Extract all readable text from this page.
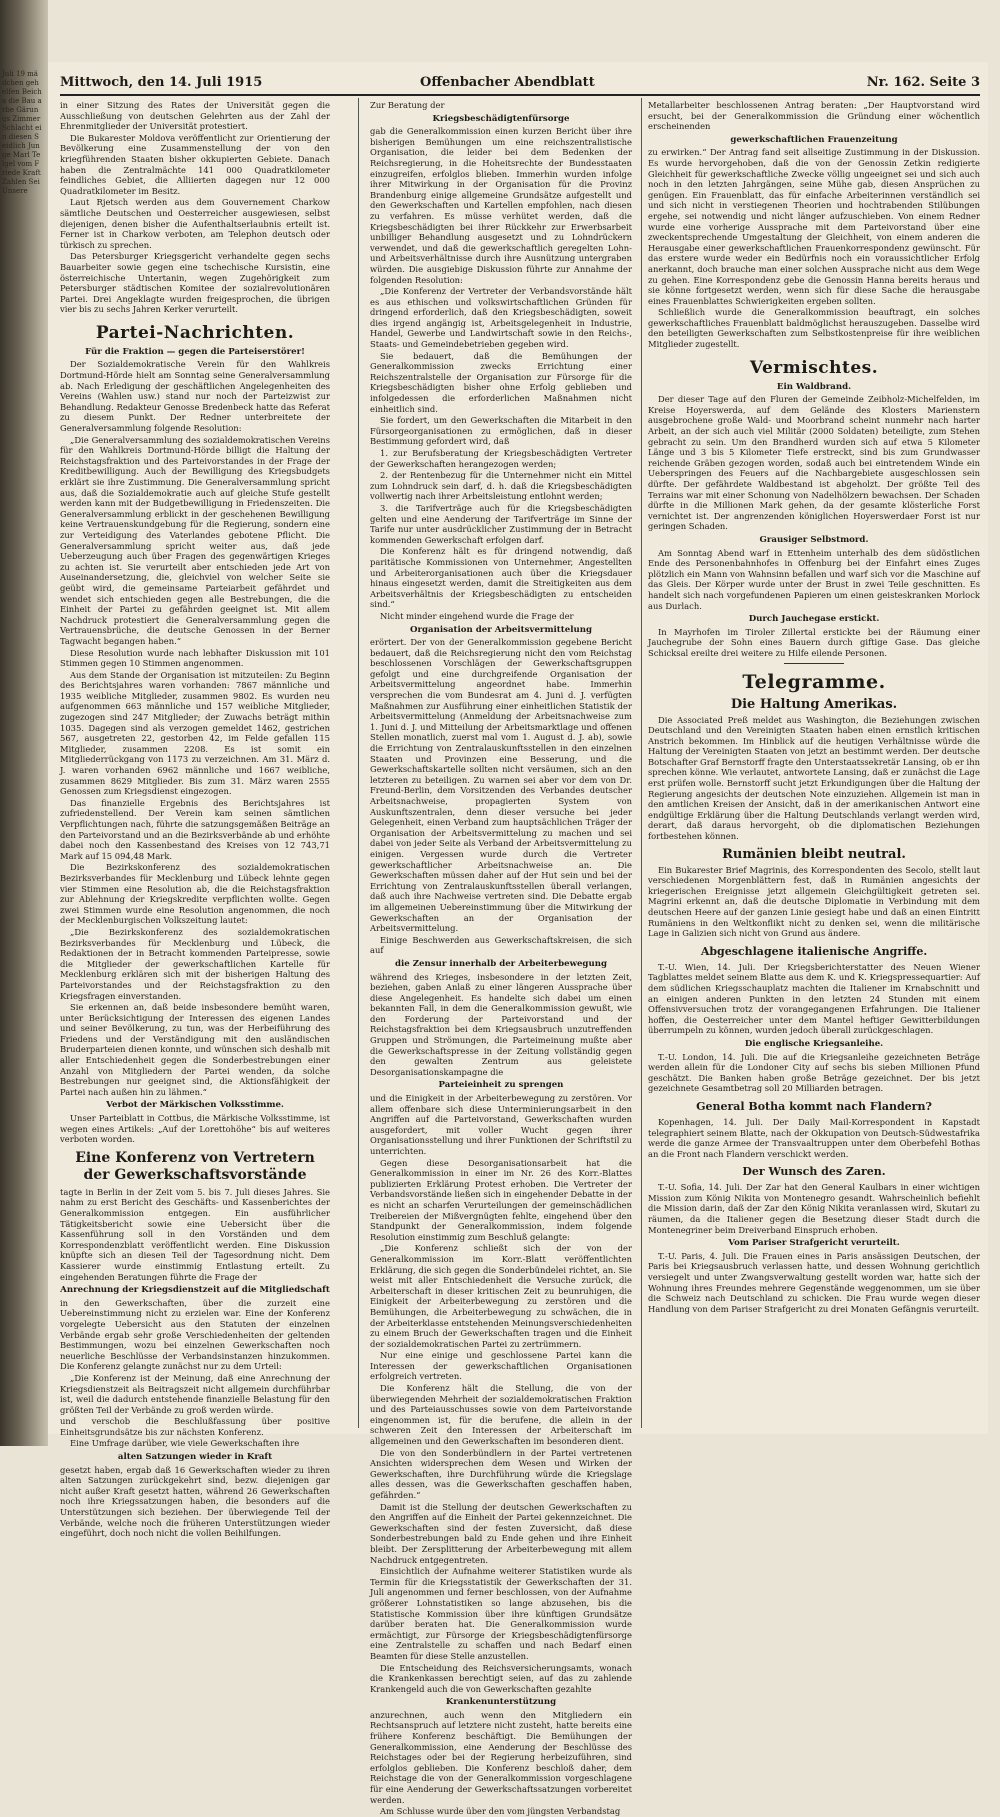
Juli 19 mädchen gehelfen Beicha die Bau arbe Gärungs Zimmer Schlacht ein diesen Seidlich Junge Marl Telgel vom Friede Kraft Zahlen Sei Unsere
Mittwoch, den 14. Juli 1915	Offenbacher Abendblatt	Nr. 162. Seite 3

in einer Sitzung des Rates der Universität gegen die Ausschließung von deutschen Gelehrten aus der Zahl der Ehrenmitglieder der Universität protestiert.

Die Bukarester Moldova veröffentlicht zur Orientierung der Bevölkerung eine Zusammenstellung der von den kriegführenden Staaten bisher okkupierten Gebiete. Danach haben die Zentralmächte 141 000 Quadratkilometer feindliches Gebiet, die Alliierten dagegen nur 12 000 Quadratkilometer im Besitz.

Laut Rjetsch werden aus dem Gouvernement Charkow sämtliche Deutschen und Oesterreicher ausgewiesen, selbst diejenigen, denen bisher die Aufenthaltserlaubnis erteilt ist. Ferner ist in Charkow verboten, am Telephon deutsch oder türkisch zu sprechen.

Das Petersburger Kriegsgericht verhandelte gegen sechs Bauarbeiter sowie gegen eine tschechische Kursistin, eine österreichische Untertanin, wegen Zugehörigkeit zum Petersburger städtischen Komitee der sozialrevolutionären Partei. Drei Angeklagte wurden freigesprochen, die übrigen vier bis zu sechs Jahren Kerker verurteilt.

Partei-Nachrichten.
Für die Fraktion — gegen die Parteiserstörer!

Der Sozialdemokratische Verein für den Wahlkreis Dortmund-Hörde hielt am Sonntag seine Generalversammlung ab. Nach Erledigung der geschäftlichen Angelegenheiten des Vereins (Wahlen usw.) stand nur noch der Parteizwist zur Behandlung. Redakteur Genosse Bredenbeck hatte das Referat zu diesem Punkt. Der Redner unterbreitete der Generalversammlung folgende Resolution:

„Die Generalversammlung des sozialdemokratischen Vereins für den Wahlkreis Dortmund-Hörde billigt die Haltung der Reichstagsfraktion und des Parteivorstandes in der Frage der Kreditbewilligung. Auch der Bewilligung des Kriegsbudgets erklärt sie ihre Zustimmung. Die Generalversammlung spricht aus, daß die Sozialdemokratie auch auf gleiche Stufe gestellt werden kann mit der Budgetbewilligung in Friedenszeiten. Die Generalversammlung erblickt in der geschehenen Bewilligung keine Vertrauenskundgebung für die Regierung, sondern eine zur Verteidigung des Vaterlandes gebotene Pflicht. Die Generalversammlung spricht weiter aus, daß jede Ueberzeugung auch über Fragen des gegenwärtigen Krieges zu achten ist. Sie verurteilt aber entschieden jede Art von Auseinandersetzung, die, gleichviel von welcher Seite sie geübt wird, die gemeinsame Parteiarbeit gefährdet und wendet sich entschieden gegen alle Bestrebungen, die die Einheit der Partei zu gefährden geeignet ist. Mit allem Nachdruck protestiert die Generalversammlung gegen die Vertrauensbrüche, die deutsche Genossen in der Berner Tagwacht begangen haben.“

Diese Resolution wurde nach lebhafter Diskussion mit 101 Stimmen gegen 10 Stimmen angenommen.

Aus dem Stande der Organisation ist mitzuteilen: Zu Beginn des Berichtsjahres waren vorhanden: 7867 männliche und 1935 weibliche Mitglieder, zusammen 9802. Es wurden neu aufgenommen 663 männliche und 157 weibliche Mitglieder, zugezogen sind 247 Mitglieder; der Zuwachs beträgt mithin 1035. Dagegen sind als verzogen gemeldet 1462, gestrichen 567, ausgetreten 22, gestorben 42, im Felde gefallen 115 Mitglieder, zusammen 2208. Es ist somit ein Mitgliederrückgang von 1173 zu verzeichnen. Am 31. März d. J. waren vorhanden 6962 männliche und 1667 weibliche, zusammen 8629 Mitglieder. Bis zum 31. März waren 2555 Genossen zum Kriegsdienst eingezogen.

Das finanzielle Ergebnis des Berichtsjahres ist zufriedenstellend. Der Verein kam seinen sämtlichen Verpflichtungen nach, führte die satzungsgemäßen Beiträge an den Parteivorstand und an die Bezirksverbände ab und erhöhte dabei noch den Kassenbestand des Kreises von 12 743,71 Mark auf 15 094,48 Mark.

Die Bezirkskonferenz des sozialdemokratischen Bezirksverbandes für Mecklenburg und Lübeck lehnte gegen vier Stimmen eine Resolution ab, die die Reichstagsfraktion zur Ablehnung der Kriegskredite verpflichten wollte. Gegen zwei Stimmen wurde eine Resolution angenommen, die noch der Mecklenburgischen Volkszeitung lautet:

„Die Bezirkskonferenz des sozialdemokratischen Bezirksverbandes für Mecklenburg und Lübeck, die Redaktionen der in Betracht kommenden Parteipresse, sowie die Mitglieder der gewerkschaftlichen Kartelle für Mecklenburg erklären sich mit der bisherigen Haltung des Parteivorstandes und der Reichstagsfraktion zu den Kriegsfragen einverstanden.

Sie erkennen an, daß beide insbesondere bemüht waren, unter Berücksichtigung der Interessen des eigenen Landes und seiner Bevölkerung, zu tun, was der Herbeiführung des Friedens und der Verständigung mit den ausländischen Bruderparteien dienen konnte, und wünschen sich deshalb mit aller Entschiedenheit gegen die Sonderbestrebungen einer Anzahl von Mitgliedern der Partei wenden, da solche Bestrebungen nur geeignet sind, die Aktionsfähigkeit der Partei nach außen hin zu lähmen.“

Verbot der Märkischen Volksstimme.

Unser Parteiblatt in Cottbus, die Märkische Volksstimme, ist wegen eines Artikels: „Auf der Lorettohöhe“ bis auf weiteres verboten worden.

Eine Konferenz von Vertretern der Gewerkschaftsvorstände

tagte in Berlin in der Zeit vom 5. bis 7. Juli dieses Jahres. Sie nahm zu erst Bericht des Geschäfts- und Kassenberichtes der Generalkommission entgegen. Ein ausführlicher Tätigkeitsbericht sowie eine Uebersicht über die Kassenführung soll in den Vorständen und dem Korrespondenzblatt veröffentlicht werden. Eine Diskussion knüpfte sich an diesen Teil der Tagesordnung nicht. Dem Kassierer wurde einstimmig Entlastung erteilt. Zu eingehenden Beratungen führte die Frage der

Anrechnung der Kriegsdienstzeit auf die Mitgliedschaft

in den Gewerkschaften, über die zurzeit eine Uebereinstimmung nicht zu erzielen war. Eine der Konferenz vorgelegte Uebersicht aus den Statuten der einzelnen Verbände ergab sehr große Verschiedenheiten der geltenden Bestimmungen, wozu bei einzelnen Gewerkschaften noch neuerliche Beschlüsse der Verbandsinstanzen hinzukommen. Die Konferenz gelangte zunächst nur zu dem Urteil:

„Die Konferenz ist der Meinung, daß eine Anrechnung der Kriegsdienstzeit als Beitragszeit nicht allgemein durchführbar ist, weil die dadurch entstehende finanzielle Belastung für den größten Teil der Verbände zu groß werden würde.

und verschob die Beschlußfassung über positive Einheitsgrundsätze bis zur nächsten Konferenz.

Eine Umfrage darüber, wie viele Gewerkschaften ihre

alten Satzungen wieder in Kraft

gesetzt haben, ergab daß 16 Gewerkschaften wieder zu ihren alten Satzungen zurückgekehrt sind, bezw. diejenigen gar nicht außer Kraft gesetzt hatten, während 26 Gewerkschaften noch ihre Kriegssatzungen haben, die besonders auf die Unterstützungen sich beziehen. Der überwiegende Teil der Verbände, welche noch die früheren Unterstützungen wieder eingeführt, doch noch nicht die vollen Beihilfungen.

Zur Beratung der

Kriegsbeschädigtenfürsorge

gab die Generalkommission einen kurzen Bericht über ihre bisherigen Bemühungen um eine reichszentralistische Organisation, die leider bei dem Bedenken der Reichsregierung, in die Hoheitsrechte der Bundesstaaten einzugreifen, erfolglos blieben. Immerhin wurden infolge ihrer Mitwirkung in der Organisation für die Provinz Brandenburg einige allgemeine Grundsätze aufgestellt und den Gewerkschaften und Kartellen empfohlen, nach diesen zu verfahren. Es müsse verhütet werden, daß die Kriegsbeschädigten bei ihrer Rückkehr zur Erwerbsarbeit unbilliger Behandlung ausgesetzt und zu Lohndrückern verwendet, und daß die gewerkschaftlich geregelten Lohn- und Arbeitsverhältnisse durch ihre Ausnützung untergraben würden. Die ausgiebige Diskussion führte zur Annahme der folgenden Resolution:

„Die Konferenz der Vertreter der Verbandsvorstände hält es aus ethischen und volkswirtschaftlichen Gründen für dringend erforderlich, daß den Kriegsbeschädigten, soweit dies irgend angängig ist, Arbeitsgelegenheit in Industrie, Handel, Gewerbe und Landwirtschaft sowie in den Reichs-, Staats- und Gemeindebetrieben gegeben wird.

Sie bedauert, daß die Bemühungen der Generalkommission zwecks Errichtung einer Reichszentralstelle der Organisation zur Fürsorge für die Kriegsbeschädigten bisher ohne Erfolg geblieben und infolgedessen die erforderlichen Maßnahmen nicht einheitlich sind.

Sie fordert, um den Gewerkschaften die Mitarbeit in den Fürsorgeorganisationen zu ermöglichen, daß in dieser Bestimmung gefordert wird, daß

1. zur Berufsberatung der Kriegsbeschädigten Vertreter der Gewerkschaften herangezogen werden;

2. der Rentenbezug für die Unternehmer nicht ein Mittel zum Lohndruck sein darf, d. h. daß die Kriegsbeschädigten vollwertig nach ihrer Arbeitsleistung entlohnt werden;

3. die Tarifverträge auch für die Kriegsbeschädigten gelten und eine Aenderung der Tarifverträge im Sinne der Tarife nur unter ausdrücklicher Zustimmung der in Betracht kommenden Gewerkschaft erfolgen darf.

Die Konferenz hält es für dringend notwendig, daß paritätische Kommissionen von Unternehmer, Angestellten und Arbeiterorganisationen auch über die Kriegsdauer hinaus eingesetzt werden, damit die Streitigkeiten aus dem Arbeitsverhältnis der Kriegsbeschädigten zu entscheiden sind.“

Nicht minder eingehend wurde die Frage der

Organisation der Arbeitsvermittelung

erörtert. Der von der Generalkommission gegebene Bericht bedauert, daß die Reichsregierung nicht den vom Reichstag beschlossenen Vorschlägen der Gewerkschaftsgruppen gefolgt und eine durchgreifende Organisation der Arbeitsvermittelung angeordnet habe. Immerhin versprechen die vom Bundesrat am 4. Juni d. J. verfügten Maßnahmen zur Ausführung einer einheitlichen Statistik der Arbeitsvermittelung (Anmeldung der Arbeitsnachweise zum 1. Juni d. J. und Mitteilung der Arbeitsmarktlage und offenen Stellen monatlich, zuerst mal vom 1. August d. J. ab), sowie die Errichtung von Zentralauskunftsstellen in den einzelnen Staaten und Provinzen eine Besserung, und die Gewerkschaftskartelle sollten nicht versäumen, sich an den letzteren zu beteiligen. Zu warnen sei aber vor dem von Dr. Freund-Berlin, dem Vorsitzenden des Verbandes deutscher Arbeitsnachweise, propagierten System von Auskunftszentralen, denn dieser versuche bei jeder Gelegenheit, einen Verband zum hauptsächlichen Träger der Organisation der Arbeitsvermittelung zu machen und sei dabei von jeder Seite als Verband der Arbeitsvermittelung zu einigen. Vergessen wurde durch die Vertreter gewerkschaftlicher Arbeitsnachweise an. Die Gewerkschaften müssen daher auf der Hut sein und bei der Errichtung von Zentralauskunftsstellen überall verlangen, daß auch ihre Nachweise vertreten sind. Die Debatte ergab im allgemeinen Uebereinstimmung über die Mitwirkung der Gewerkschaften an der Organisation der Arbeitsvermittelung.

Einige Beschwerden aus Gewerkschaftskreisen, die sich auf

die Zensur innerhalb der Arbeiterbewegung

während des Krieges, insbesondere in der letzten Zeit, beziehen, gaben Anlaß zu einer längeren Aussprache über diese Angelegenheit. Es handelte sich dabei um einen bekannten Fall, in dem die Generalkommission gewußt, wie den Forderung der Parteivorstand und der Reichstagsfraktion bei dem Kriegsausbruch unzutreffenden Gruppen und Strömungen, die Parteimeinung mußte aber die Gewerkschaftspresse in der Zeitung vollständig gegen den gewalten Zentrum aus geleistete Desorganisationskampagne die

Parteieinheit zu sprengen

und die Einigkeit in der Arbeiterbewegung zu zerstören. Vor allem offenbare sich diese Unterminierungsarbeit in den Angriffen auf die Parteivorstand, Gewerkschaften wurden ausgefordert, mit voller Wucht gegen ihrer Organisationsstellung und ihrer Funktionen der Schriftstil zu unterrichten.

Gegen diese Desorganisationsarbeit hat die Generalkommission in einer im Nr. 26 des Korr.-Blattes publizierten Erklärung Protest erhoben. Die Vertreter der Verbandsvorstände ließen sich in eingehender Debatte in der es nicht an scharfen Verurteilungen der gemeinschädlichen Treibereien der Mißvergnügten fehlte, eingehend über den Standpunkt der Generalkommission, indem folgende Resolution einstimmig zum Beschluß gelangte:

„Die Konferenz schließt sich der von der Generalkommission im Korr.-Blatt veröffentlichten Erklärung, die sich gegen die Sonderbündelei richtet, an. Sie weist mit aller Entschiedenheit die Versuche zurück, die Arbeiterschaft in dieser kritischen Zeit zu beunruhigen, die Einigkeit der Arbeiterbewegung zu zerstören und die Bemühungen, die Arbeiterbewegung zu schwächen, die in der Arbeiterklasse entstehenden Meinungsverschiedenheiten zu einem Bruch der Gewerkschaften tragen und die Einheit der sozialdemokratischen Partei zu zertrümmern.

Nur eine einige und geschlossene Partei kann die Interessen der gewerkschaftlichen Organisationen erfolgreich vertreten.

Die Konferenz hält die Stellung, die von der überwiegenden Mehrheit der sozialdemokratischen Fraktion und des Parteiausschusses sowie von dem Parteivorstande eingenommen ist, für die berufene, die allein in der schweren Zeit den Interessen der Arbeiterschaft im allgemeinen und den Gewerkschaften im besonderen dient.

Die von den Sonderbündlern in der Partei vertretenen Ansichten widersprechen dem Wesen und Wirken der Gewerkschaften, ihre Durchführung würde die Kriegslage alles dessen, was die Gewerkschaften geschaffen haben, gefährden.“

Damit ist die Stellung der deutschen Gewerkschaften zu den Angriffen auf die Einheit der Partei gekennzeichnet. Die Gewerkschaften sind der festen Zuversicht, daß diese Sonderbestrebungen bald zu Ende gehen und ihre Einheit bleibt. Der Zersplitterung der Arbeiterbewegung mit allem Nachdruck entgegentreten.

Einsichtlich der Aufnahme weiterer Statistiken wurde als Termin für die Kriegsstatistik der Gewerkschaften der 31. Juli angenommen und ferner beschlossen, von der Aufnahme größerer Lohnstatistiken so lange abzusehen, bis die Statistische Kommission über ihre künftigen Grundsätze darüber beraten hat. Die Generalkommission wurde ermächtigt, zur Fürsorge der Kriegsbeschädigtenfürsorge eine Zentralstelle zu schaffen und nach Bedarf einen Beamten für diese Stelle anzustellen.

Die Entscheidung des Reichsversicherungsamts, wonach die Krankenkassen berechtigt seien, auf das zu zahlende Krankengeld auch die von Gewerkschaften gezahlte

Krankenunterstützung

anzurechnen, auch wenn den Mitgliedern ein Rechtsanspruch auf letztere nicht zusteht, hatte bereits eine frühere Konferenz beschäftigt. Die Bemühungen der Generalkommission, eine Aenderung der Beschlüsse des Reichstages oder bei der Regierung herbeizuführen, sind erfolglos geblieben. Die Konferenz beschloß daher, dem Reichstage die von der Generalkommission vorgeschlagene für eine Aenderung der Gewerkschaftssatzungen vorbereitet werden.

Am Schlusse wurde über den vom jüngsten Verbandstag

Metallarbeiter beschlossenen Antrag beraten: „Der Hauptvorstand wird ersucht, bei der Generalkommission die Gründung einer wöchentlich erscheinenden

gewerkschaftlichen Frauenzeitung

zu erwirken.“ Der Antrag fand seit allseitige Zustimmung in der Diskussion. Es wurde hervorgehoben, daß die von der Genossin Zetkin redigierte Gleichheit für gewerkschaftliche Zwecke völlig ungeeignet sei und sich auch noch in den letzten Jahrgängen, seine Mühe gab, diesen Ansprüchen zu genügen. Ein Frauenblatt, das für einfache Arbeiterinnen verständlich sei und sich nicht in verstiegenen Theorien und hochtrabenden Stilübungen ergehe, sei notwendig und nicht länger aufzuschieben. Von einem Redner wurde eine vorherige Aussprache mit dem Parteivorstand über eine zweckentsprechende Umgestaltung der Gleichheit, von einem anderen die Herausgabe einer gewerkschaftlichen Frauenkorrespondenz gewünscht. Für das erstere wurde weder ein Bedürfnis noch ein voraussichtlicher Erfolg anerkannt, doch brauche man einer solchen Aussprache nicht aus dem Wege zu gehen. Eine Korrespondenz gebe die Genossin Hanna bereits heraus und sie könne fortgesetzt werden, wenn sich für diese Sache die herausgabe eines Frauenblattes Schwierigkeiten ergeben sollten.

Schließlich wurde die Generalkommission beauftragt, ein solches gewerkschaftliches Frauenblatt baldmöglichst herauszugeben. Dasselbe wird den beteiligten Gewerkschaften zum Selbstkostenpreise für ihre weiblichen Mitglieder zugestellt.

Vermischtes.
Ein Waldbrand.

Der dieser Tage auf den Fluren der Gemeinde Zeibholz-Michelfelden, im Kreise Hoyerswerda, auf dem Gelände des Klosters Marienstern ausgebrochene große Wald- und Moorbrand scheint nunmehr nach harter Arbeit, an der sich auch viel Militär (2000 Soldaten) beteiligte, zum Stehen gebracht zu sein. Um den Brandherd wurden sich auf etwa 5 Kilometer Länge und 3 bis 5 Kilometer Tiefe erstreckt, sind bis zum Grundwasser reichende Gräben gezogen worden, sodaß auch bei eintretendem Winde ein Ueberspringen des Feuers auf die Nachbargebiete ausgeschlossen sein dürfte. Der gefährdete Waldbestand ist abgeholzt. Der größte Teil des Terrains war mit einer Schonung von Nadelhölzern bewachsen. Der Schaden dürfte in die Millionen Mark gehen, da der gesamte klösterliche Forst vernichtet ist. Der angrenzenden königlichen Hoyerswerdaer Forst ist nur geringen Schaden.

Grausiger Selbstmord.

Am Sonntag Abend warf in Ettenheim unterhalb des dem südöstlichen Ende des Personenbahnhofes in Offenburg bei der Einfahrt eines Zuges plötzlich ein Mann von Wahnsinn befallen und warf sich vor die Maschine auf das Gleis. Der Körper wurde unter der Brust in zwei Teile geschnitten. Es handelt sich nach vorgefundenen Papieren um einen geisteskranken Morlock aus Durlach.

Durch Jauchegase erstickt.

In Mayrhofen im Tiroler Zillertal erstickte bei der Räumung einer Jauchegrube der Sohn eines Bauern durch giftige Gase. Das gleiche Schicksal ereilte drei weitere zu Hilfe eilende Personen.

Telegramme.
Die Haltung Amerikas.

Die Associated Preß meldet aus Washington, die Beziehungen zwischen Deutschland und den Vereinigten Staaten haben einen ernstlich kritischen Anstrich bekommen. Im Hinblick auf die heutigen Verhältnisse würde die Haltung der Vereinigten Staaten von jetzt an bestimmt werden. Der deutsche Botschafter Graf Bernstorff fragte den Unterstaatssekretär Lansing, ob er ihn sprechen könne. Wie verlautet, antwortete Lansing, daß er zunächst die Lage erst prüfen wolle. Bernstorff sucht jetzt Erkundigungen über die Haltung der Regierung angesichts der deutschen Note einzuziehen. Allgemein ist man in den amtlichen Kreisen der Ansicht, daß in der amerikanischen Antwort eine endgültige Erklärung über die Haltung Deutschlands verlangt werden wird, derart, daß daraus hervorgeht, ob die diplomatischen Beziehungen fortbestehen können.

Rumänien bleibt neutral.

Ein Bukarester Brief Magrinis, des Korrespondenten des Secolo, stellt laut verschiedenen Morgenblättern fest, daß in Rumänien angesichts der kriegerischen Ereignisse jetzt allgemein Gleichgültigkeit getreten sei. Magrini erkennt an, daß die deutsche Diplomatie in Verbindung mit dem deutschen Heere auf der ganzen Linie gesiegt habe und daß an einen Eintritt Rumäniens in den Weltkonflikt nicht zu denken sei, wenn die militärische Lage in Galizien sich nicht von Grund aus ändere.

Abgeschlagene italienische Angriffe.

T.-U. Wien, 14. Juli. Der Kriegsberichterstatter des Neuen Wiener Tagblattes meldet seinem Blatte aus dem K. und K. Kriegspressequartier: Auf dem südlichen Kriegsschauplatz machten die Italiener im Krnabschnitt und an einigen anderen Punkten in den letzten 24 Stunden mit einem Offensivversuchen trotz der vorangegangenen Erfahrungen. Die Italiener hoffen, die Oesterreicher unter dem Mantel heftiger Gewitterbildungen überrumpeln zu können, wurden jedoch überall zurückgeschlagen.

Die englische Kriegsanleihe.

T.-U. London, 14. Juli. Die auf die Kriegsanleihe gezeichneten Beträge werden allein für die Londoner City auf sechs bis sieben Millionen Pfund geschätzt. Die Banken haben große Beträge gezeichnet. Der bis jetzt gezeichnete Gesamtbetrag soll 20 Milliarden betragen.

General Botha kommt nach Flandern?

Kopenhagen, 14. Juli. Der Daily Mail-Korrespondent in Kapstadt telegraphiert seinem Blatte, nach der Okkupation von Deutsch-Südwestafrika werde die ganze Armee der Transvaaltruppen unter dem Oberbefehl Bothas an die Front nach Flandern verschickt werden.

Der Wunsch des Zaren.

T.-U. Sofia, 14. Juli. Der Zar hat den General Kaulbars in einer wichtigen Mission zum König Nikita von Montenegro gesandt. Wahrscheinlich befiehlt die Mission darin, daß der Zar den König Nikita veranlassen wird, Skutari zu räumen, da die Italiener gegen die Besetzung dieser Stadt durch die Montenegriner beim Dreiverband Einspruch erhoben.

Vom Pariser Strafgericht verurteilt.

T.-U. Paris, 4. Juli. Die Frauen eines in Paris ansässigen Deutschen, der Paris bei Kriegsausbruch verlassen hatte, und dessen Wohnung gerichtlich versiegelt und unter Zwangsverwaltung gestellt worden war, hatte sich der Wohnung ihres Freundes mehrere Gegenstände weggenommen, um sie über die Schweiz nach Deutschland zu schicken. Die Frau wurde wegen dieser Handlung von dem Pariser Strafgericht zu drei Monaten Gefängnis verurteilt.
